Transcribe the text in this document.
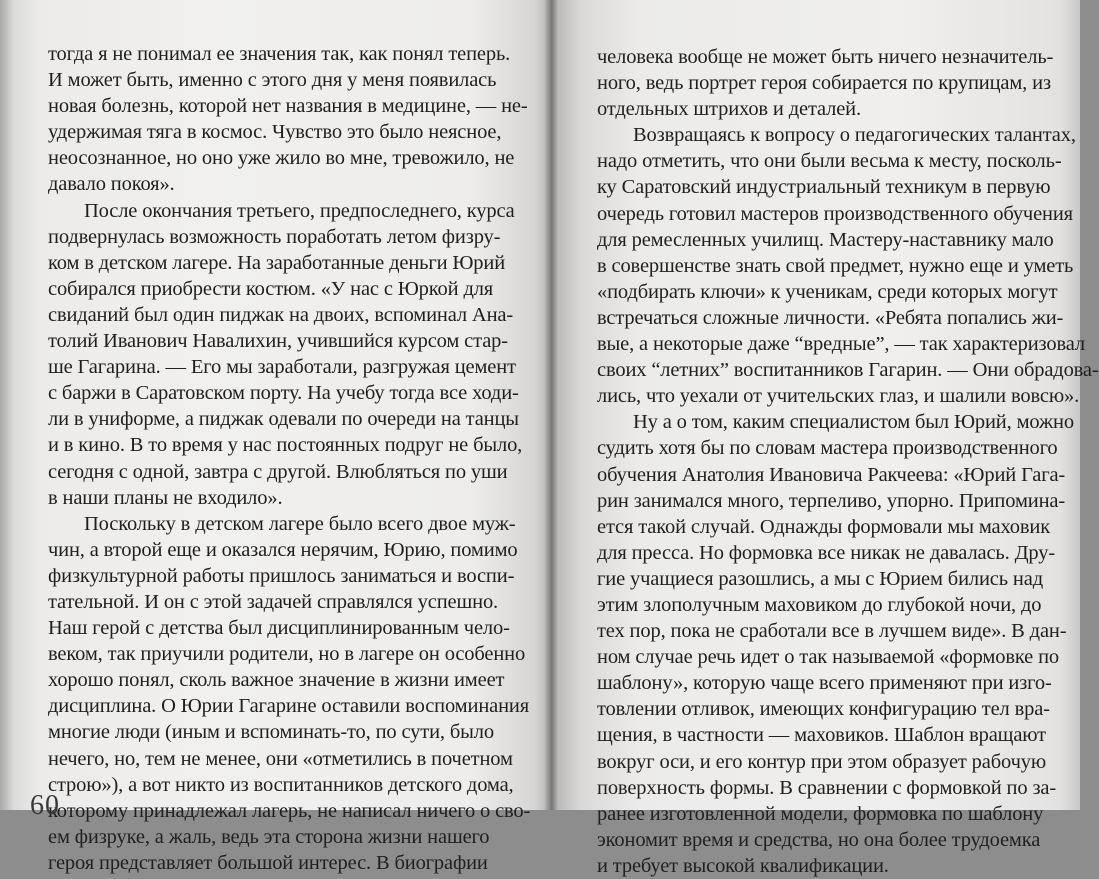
тогда я не понимал ее значения так, как понял теперь.
И может быть, именно с этого дня у меня появилась
новая болезнь, которой нет названия в медицине, — не-
удержимая тяга в космос. Чувство это было неясное,
неосознанное, но оно уже жило во мне, тревожило, не
давало покоя».
После окончания третьего, предпоследнего, курса
подвернулась возможность поработать летом физру-
ком в детском лагере. На заработанные деньги Юрий
собирался приобрести костюм. «У нас с Юркой для
свиданий был один пиджак на двоих, вспоминал Ана-
толий Иванович Навалихин, учившийся курсом стар-
ше Гагарина. — Его мы заработали, разгружая цемент
с баржи в Саратовском порту. На учебу тогда все ходи-
ли в униформе, а пиджак одевали по очереди на танцы
и в кино. В то время у нас постоянных подруг не было,
сегодня с одной, завтра с другой. Влюбляться по уши
в наши планы не входило».
Поскольку в детском лагере было всего двое муж-
чин, а второй еще и оказался нерячим, Юрию, помимо
физкультурной работы пришлось заниматься и воспи-
тательной. И он с этой задачей справлялся успешно.
Наш герой с детства был дисциплинированным чело-
веком, так приучили родители, но в лагере он особенно
хорошо понял, сколь важное значение в жизни имеет
дисциплина. О Юрии Гагарине оставили воспоминания
многие люди (иным и вспоминать-то, по сути, было
нечего, но, тем не менее, они «отметились в почетном
строю»), а вот никто из воспитанников детского дома,
которому принадлежал лагерь, не написал ничего о сво-
ем физруке, а жаль, ведь эта сторона жизни нашего
героя представляет большой интерес. В биографии
60
человека вообще не может быть ничего незначитель-
ного, ведь портрет героя собирается по крупицам, из
отдельных штрихов и деталей.
Возвращаясь к вопросу о педагогических талантах,
надо отметить, что они были весьма к месту, посколь-
ку Саратовский индустриальный техникум в первую
очередь готовил мастеров производственного обучения
для ремесленных училищ. Мастеру-наставнику мало
в совершенстве знать свой предмет, нужно еще и уметь
«подбирать ключи» к ученикам, среди которых могут
встречаться сложные личности. «Ребята попались жи-
вые, а некоторые даже “вредные”, — так характеризовал
своих “летних” воспитанников Гагарин. — Они обрадова-
лись, что уехали от учительских глаз, и шалили вовсю».
Ну а о том, каким специалистом был Юрий, можно
судить хотя бы по словам мастера производственного
обучения Анатолия Ивановича Ракчеева: «Юрий Гага-
рин занимался много, терпеливо, упорно. Припомина-
ется такой случай. Однажды формовали мы маховик
для пресса. Но формовка все никак не давалась. Дру-
гие учащиеся разошлись, а мы с Юрием бились над
этим злополучным маховиком до глубокой ночи, до
тех пор, пока не сработали все в лучшем виде». В дан-
ном случае речь идет о так называемой «формовке по
шаблону», которую чаще всего применяют при изго-
товлении отливок, имеющих конфигурацию тел вра-
щения, в частности — маховиков. Шаблон вращают
вокруг оси, и его контур при этом образует рабочую
поверхность формы. В сравнении с формовкой по за-
ранее изготовленной модели, формовка по шаблону
экономит время и средства, но она более трудоемка
и требует высокой квалификации.
